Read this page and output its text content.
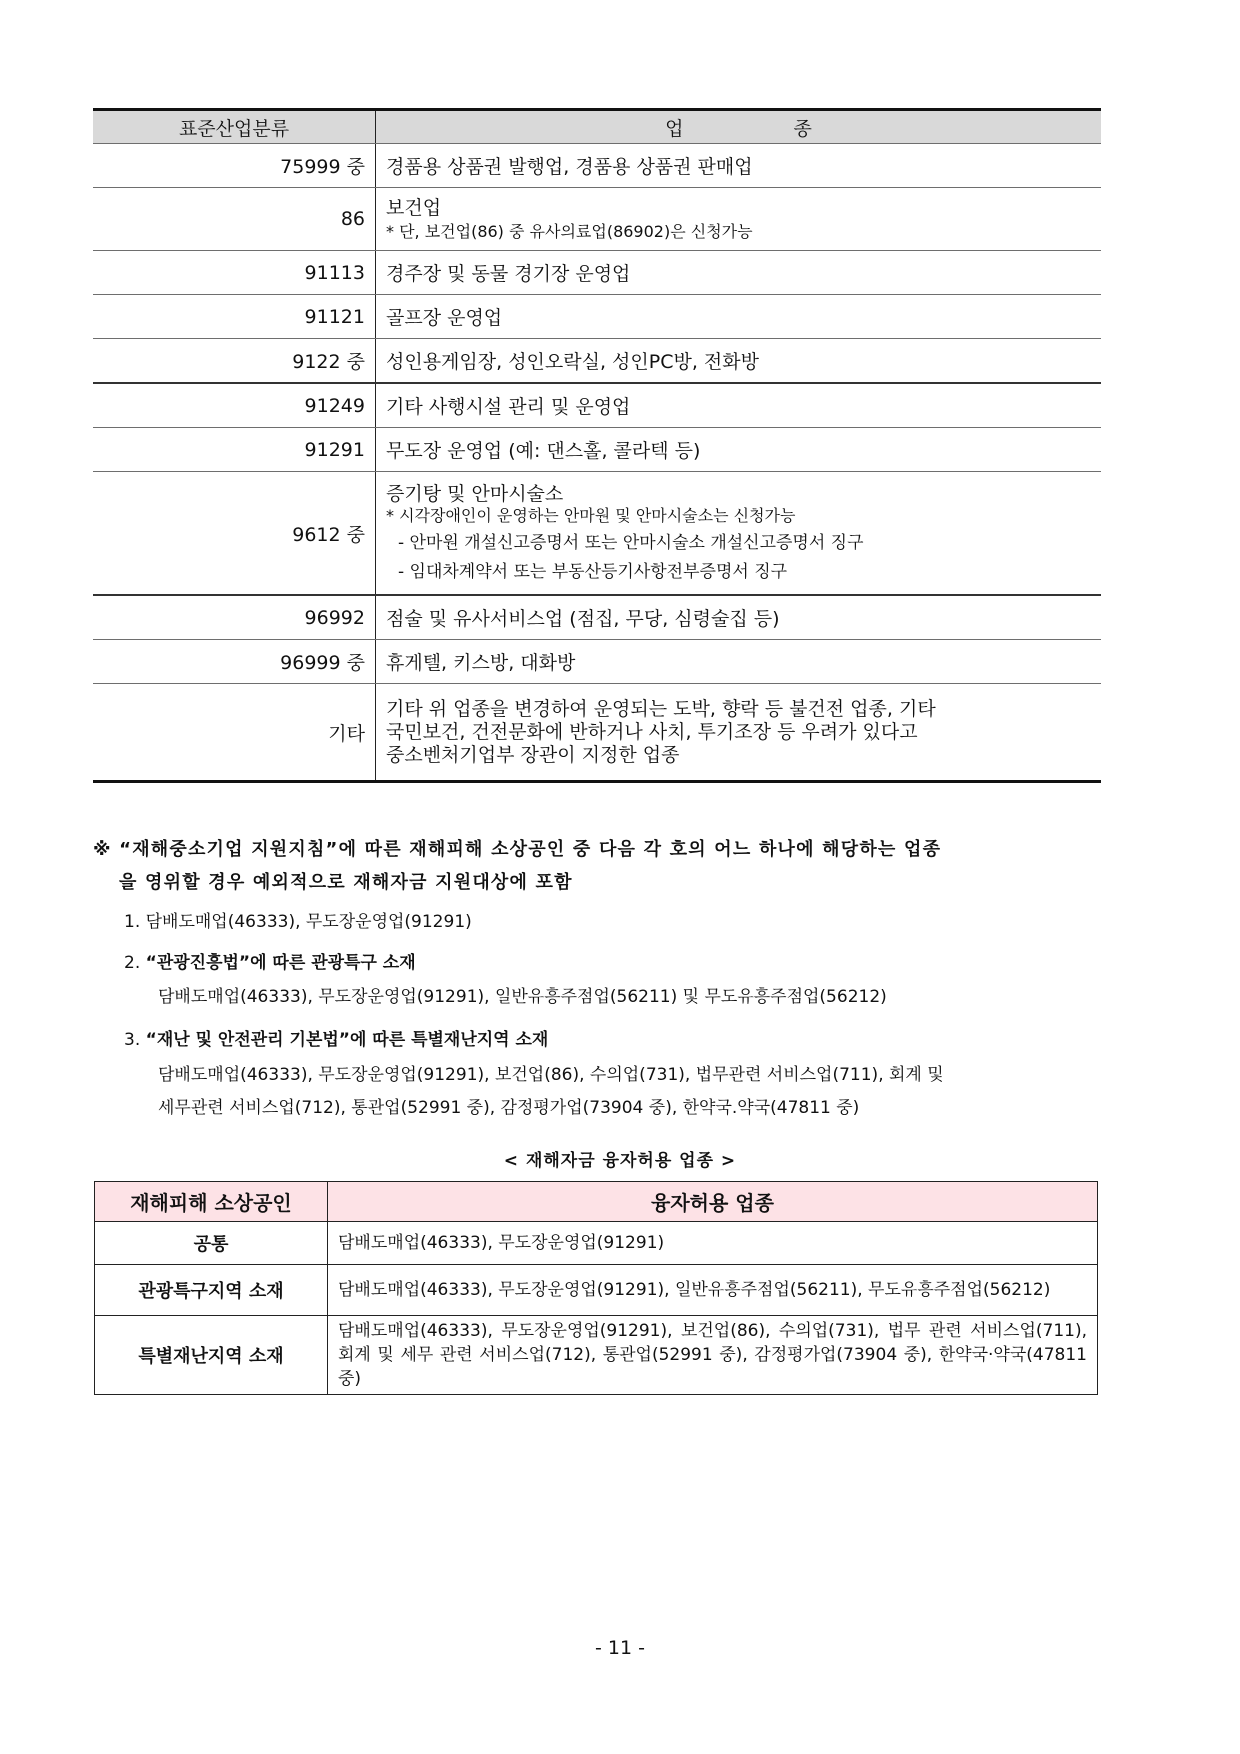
표준산업분류	업 종
75999 중	경품용 상품권 발행업, 경품용 상품권 판매업
86	보건업
* 단, 보건업(86) 중 유사의료업(86902)은 신청가능

91113	경주장 및 동물 경기장 운영업
91121	골프장 운영업
9122 중	성인용게임장, 성인오락실, 성인PC방, 전화방
91249	기타 사행시설 관리 및 운영업
91291	무도장 운영업 (예: 댄스홀, 콜라텍 등)
9612 중	증기탕 및 안마시술소
* 시각장애인이 운영하는 안마원 및 안마시술소는 신청가능
- 안마원 개설신고증명서 또는 안마시술소 개설신고증명서 징구
- 임대차계약서 또는 부동산등기사항전부증명서 징구

96992	점술 및 유사서비스업 (점집, 무당, 심령술집 등)
96999 중	휴게텔, 키스방, 대화방
기타	기타 위 업종을 변경하여 운영되는 도박, 향락 등 불건전 업종, 기타
국민보건, 건전문화에 반하거나 사치, 투기조장 등 우려가 있다고
중소벤처기업부 장관이 지정한 업종
※ “재해중소기업 지원지침”에 따른 재해피해 소상공인 중 다음 각 호의 어느 하나에 해당하는 업종
을 영위할 경우 예외적으로 재해자금 지원대상에 포함
1. 담배도매업(46333), 무도장운영업(91291)
2. “관광진흥법”에 따른 관광특구 소재
담배도매업(46333), 무도장운영업(91291), 일반유흥주점업(56211) 및 무도유흥주점업(56212)
3. “재난 및 안전관리 기본법”에 따른 특별재난지역 소재
담배도매업(46333), 무도장운영업(91291), 보건업(86), 수의업(731), 법무관련 서비스업(711), 회계 및
세무관련 서비스업(712), 통관업(52991 중), 감정평가업(73904 중), 한약국.약국(47811 중)
< 재해자금 융자허용 업종 >
재해피해 소상공인	융자허용 업종
공통	담배도매업(46333), 무도장운영업(91291)
관광특구지역 소재	담배도매업(46333), 무도장운영업(91291), 일반유흥주점업(56211), 무도유흥주점업(56212)
특별재난지역 소재	담배도매업(46333), 무도장운영업(91291), 보건업(86), 수의업(731), 법무 관련 서비스업(711), 회계 및 세무 관련 서비스업(712), 통관업(52991 중), 감정평가업(73904 중), 한약국·약국(47811 중)
- 11 -
